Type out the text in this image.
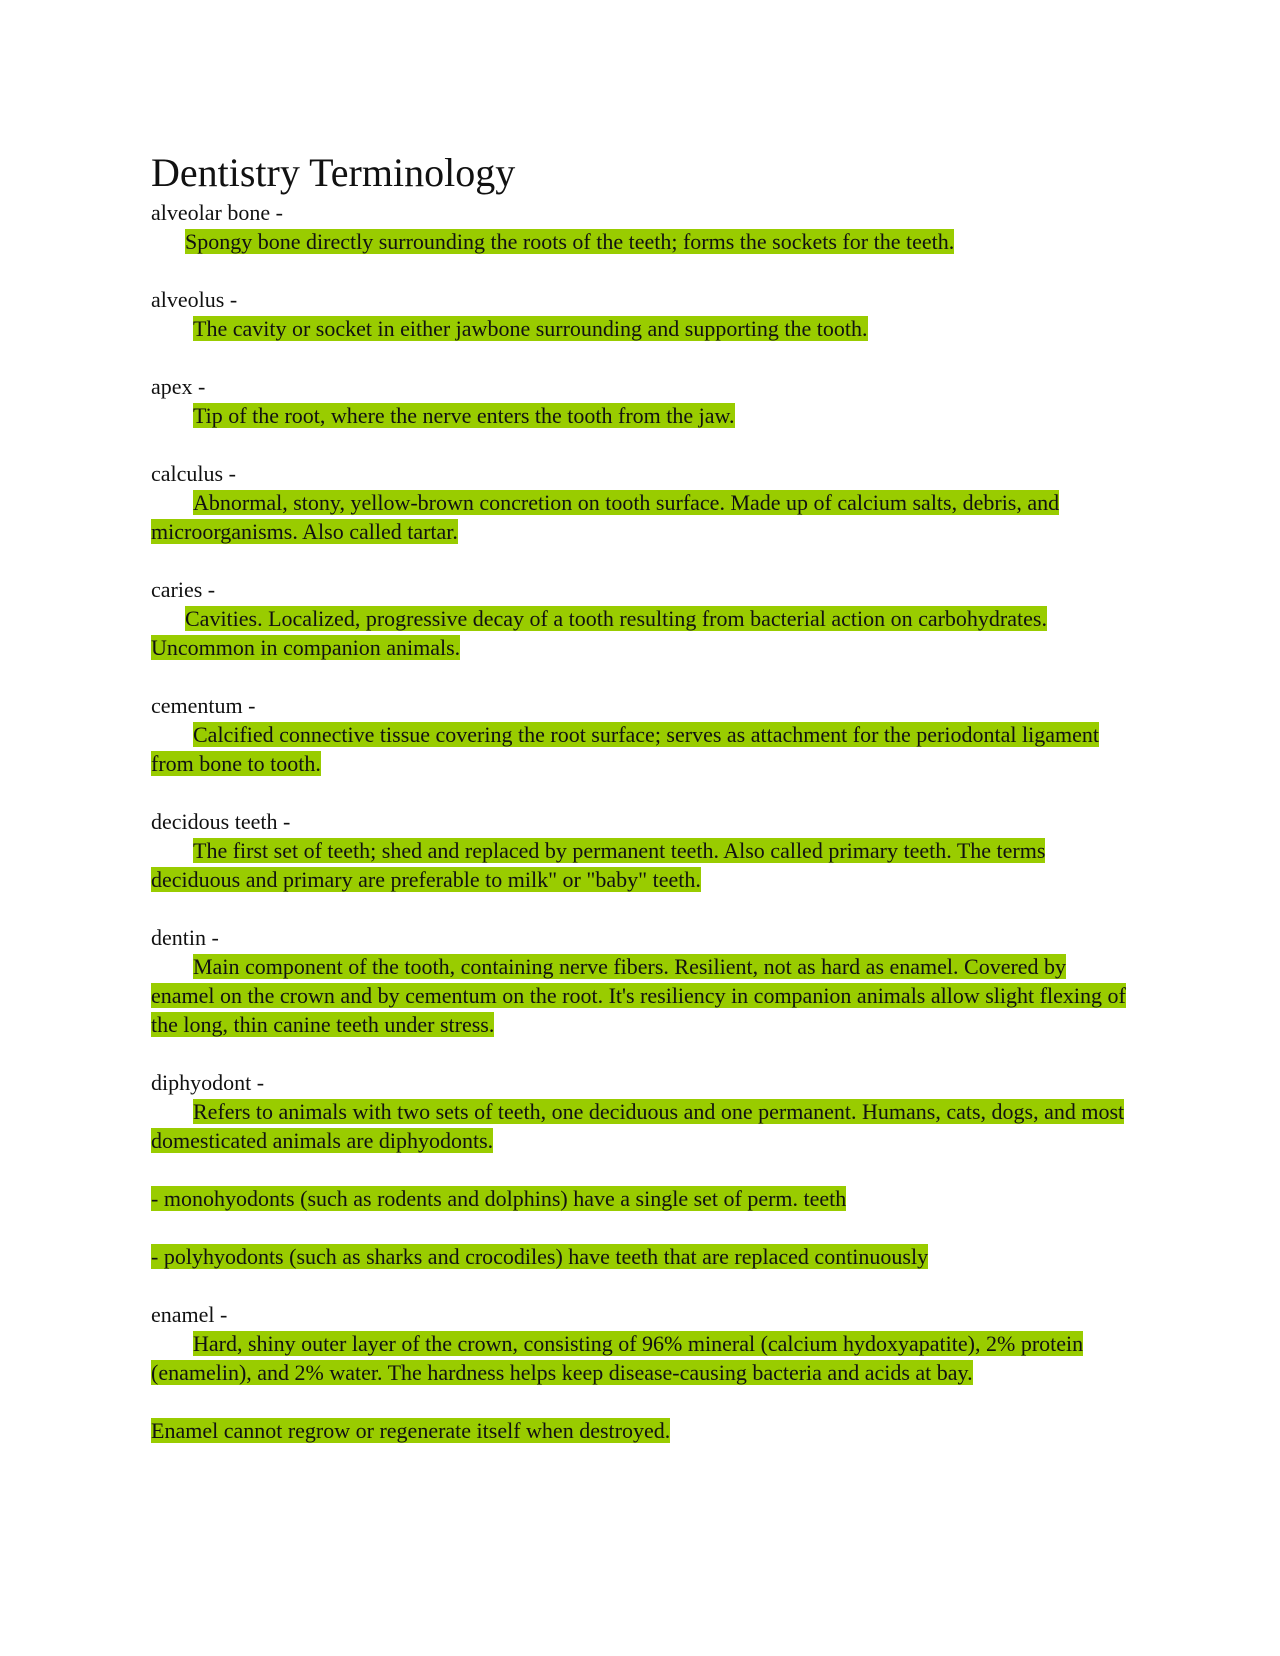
Dentistry Terminology
alveolar bone -

Spongy bone directly surrounding the roots of the teeth; forms the sockets for the teeth.

alveolus -

The cavity or socket in either jawbone surrounding and supporting the tooth.

apex -

Tip of the root, where the nerve enters the tooth from the jaw.

calculus -

Abnormal, stony, yellow-brown concretion on tooth surface. Made up of calcium salts, debris, and microorganisms. Also called tartar.

caries -

Cavities. Localized, progressive decay of a tooth resulting from bacterial action on carbohydrates. Uncommon in companion animals.

cementum -

Calcified connective tissue covering the root surface; serves as attachment for the periodontal ligament from bone to tooth.

decidous teeth -

The first set of teeth; shed and replaced by permanent teeth. Also called primary teeth. The terms deciduous and primary are preferable to milk" or "baby" teeth.

dentin -

Main component of the tooth, containing nerve fibers. Resilient, not as hard as enamel. Covered by enamel on the crown and by cementum on the root. It's resiliency in companion animals allow slight flexing of the long, thin canine teeth under stress.

diphyodont -

Refers to animals with two sets of teeth, one deciduous and one permanent. Humans, cats, dogs, and most domesticated animals are diphyodonts.

- monohyodonts (such as rodents and dolphins) have a single set of perm. teeth

- polyhyodonts (such as sharks and crocodiles) have teeth that are replaced continuously

enamel -

Hard, shiny outer layer of the crown, consisting of 96% mineral (calcium hydoxyapatite), 2% protein (enamelin), and 2% water. The hardness helps keep disease-causing bacteria and acids at bay.

Enamel cannot regrow or regenerate itself when destroyed.
